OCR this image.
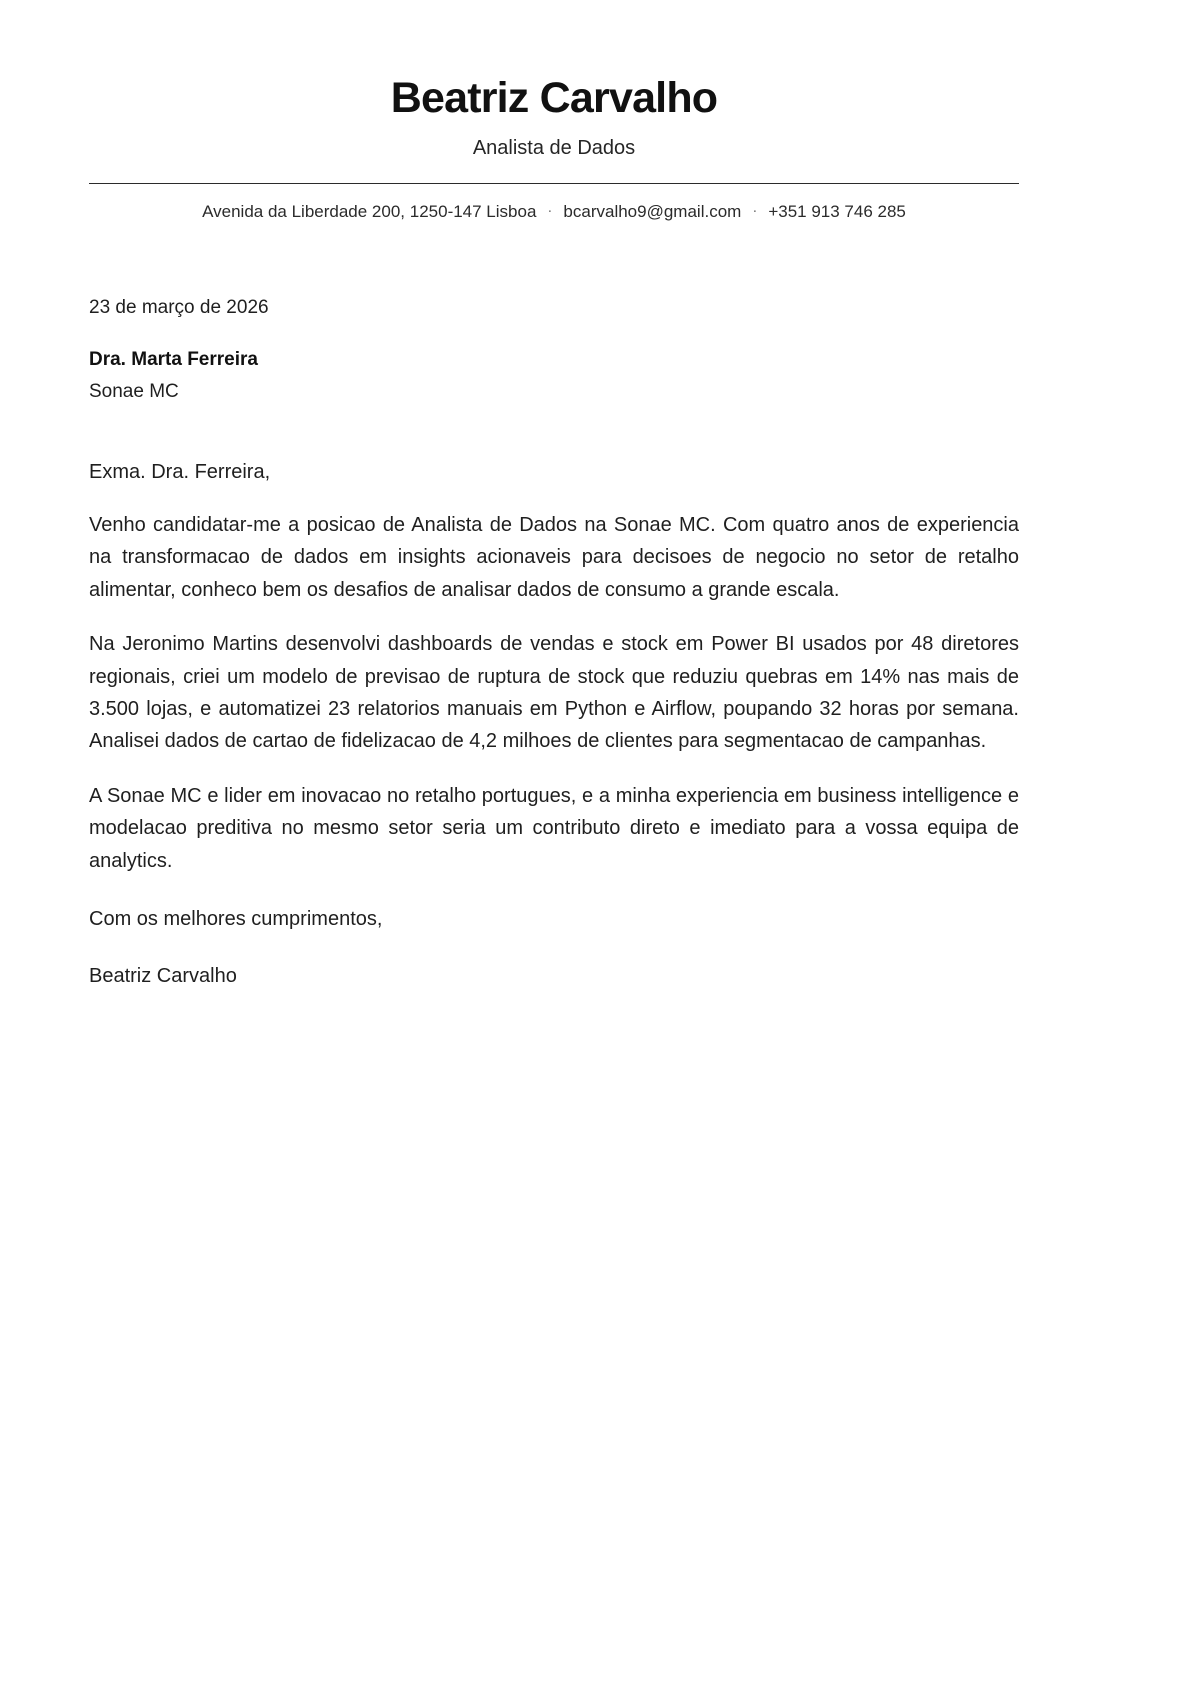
Beatriz Carvalho

Analista de Dados

Avenida da Liberdade 200, 1250-147 Lisboa · bcarvalho9@gmail.com · +351 913 746 285

23 de março de 2026

Dra. Marta Ferreira

Sonae MC

Exma. Dra. Ferreira,

Venho candidatar-me a posicao de Analista de Dados na Sonae MC. Com quatro anos de experiencia na transformacao de dados em insights acionaveis para decisoes de negocio no setor de retalho alimentar, conheco bem os desafios de analisar dados de consumo a grande escala.

Na Jeronimo Martins desenvolvi dashboards de vendas e stock em Power BI usados por 48 diretores regionais, criei um modelo de previsao de ruptura de stock que reduziu quebras em 14% nas mais de 3.500 lojas, e automatizei 23 relatorios manuais em Python e Airflow, poupando 32 horas por semana. Analisei dados de cartao de fidelizacao de 4,2 milhoes de clientes para segmentacao de campanhas.

A Sonae MC e lider em inovacao no retalho portugues, e a minha experiencia em business intelligence e modelacao preditiva no mesmo setor seria um contributo direto e imediato para a vossa equipa de analytics.

Com os melhores cumprimentos,

Beatriz Carvalho
